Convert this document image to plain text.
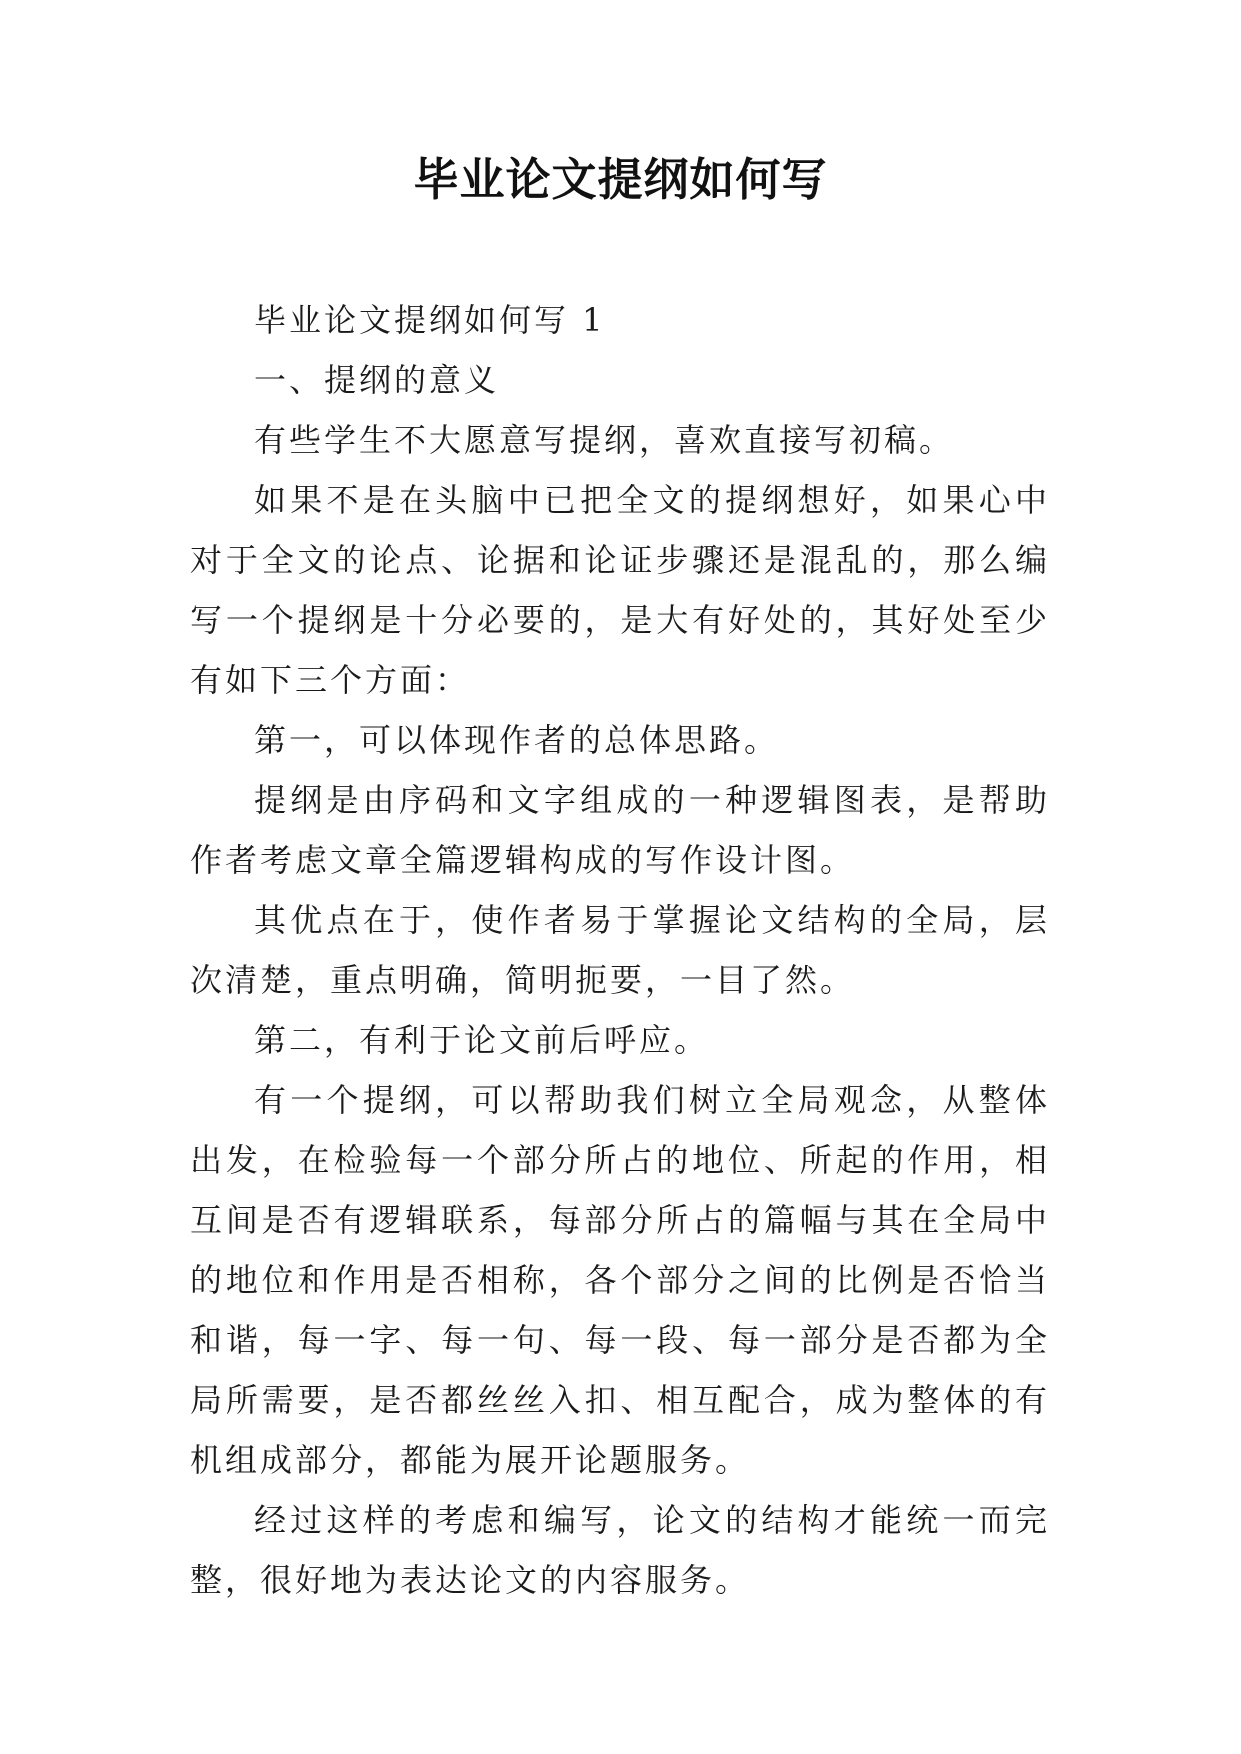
毕业论文提纲如何写

毕业论文提纲如何写 1

一、提纲的意义

有些学生不大愿意写提纲，喜欢直接写初稿。

如果不是在头脑中已把全文的提纲想好，如果心中对于全文的论点、论据和论证步骤还是混乱的，那么编写一个提纲是十分必要的，是大有好处的，其好处至少有如下三个方面：

第一，可以体现作者的总体思路。

提纲是由序码和文字组成的一种逻辑图表，是帮助作者考虑文章全篇逻辑构成的写作设计图。

其优点在于，使作者易于掌握论文结构的全局，层次清楚，重点明确，简明扼要，一目了然。

第二，有利于论文前后呼应。

有一个提纲，可以帮助我们树立全局观念，从整体出发，在检验每一个部分所占的地位、所起的作用，相互间是否有逻辑联系，每部分所占的篇幅与其在全局中的地位和作用是否相称，各个部分之间的比例是否恰当和谐，每一字、每一句、每一段、每一部分是否都为全局所需要，是否都丝丝入扣、相互配合，成为整体的有机组成部分，都能为展开论题服务。

经过这样的考虑和编写，论文的结构才能统一而完整，很好地为表达论文的内容服务。
